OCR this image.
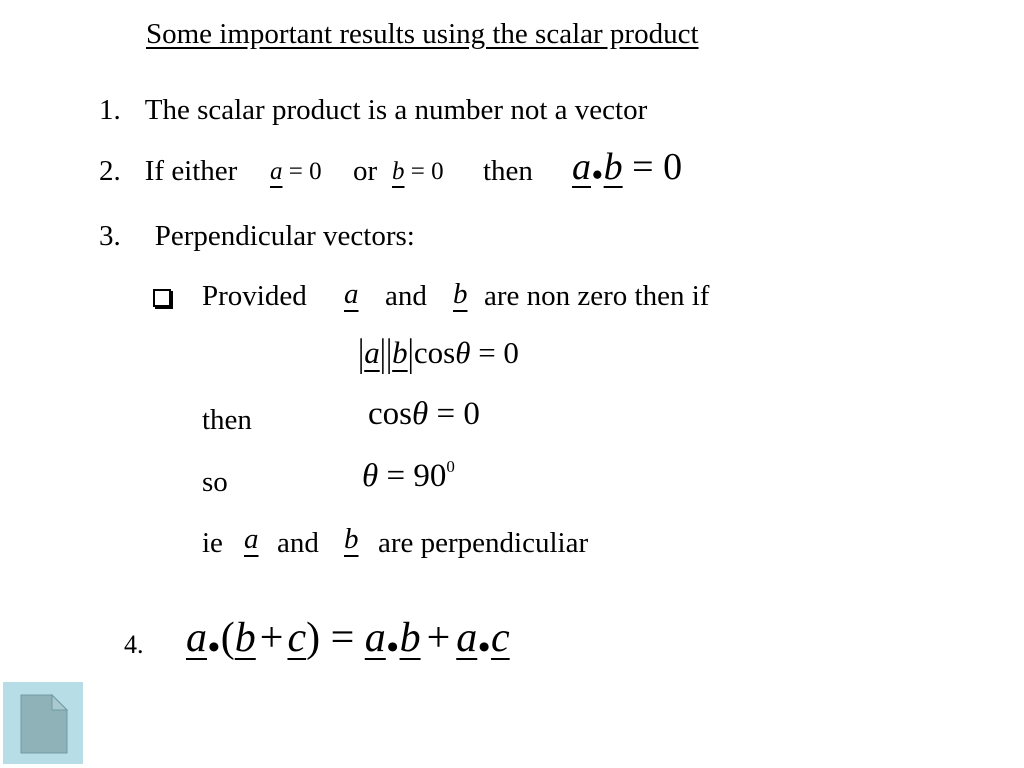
Some important results using the scalar product
1. The scalar product is a number not a vector
2. If either a = 0 or b = 0 then a•b = 0
3. Perpendicular vectors:
Provided a and b are non zero then if
|a||b|cosθ = 0
then	cosθ = 0
so	$\theta = 90^0$
ie a and b are perpendiculiar
4. a•(b+c) = a•b + a•c
